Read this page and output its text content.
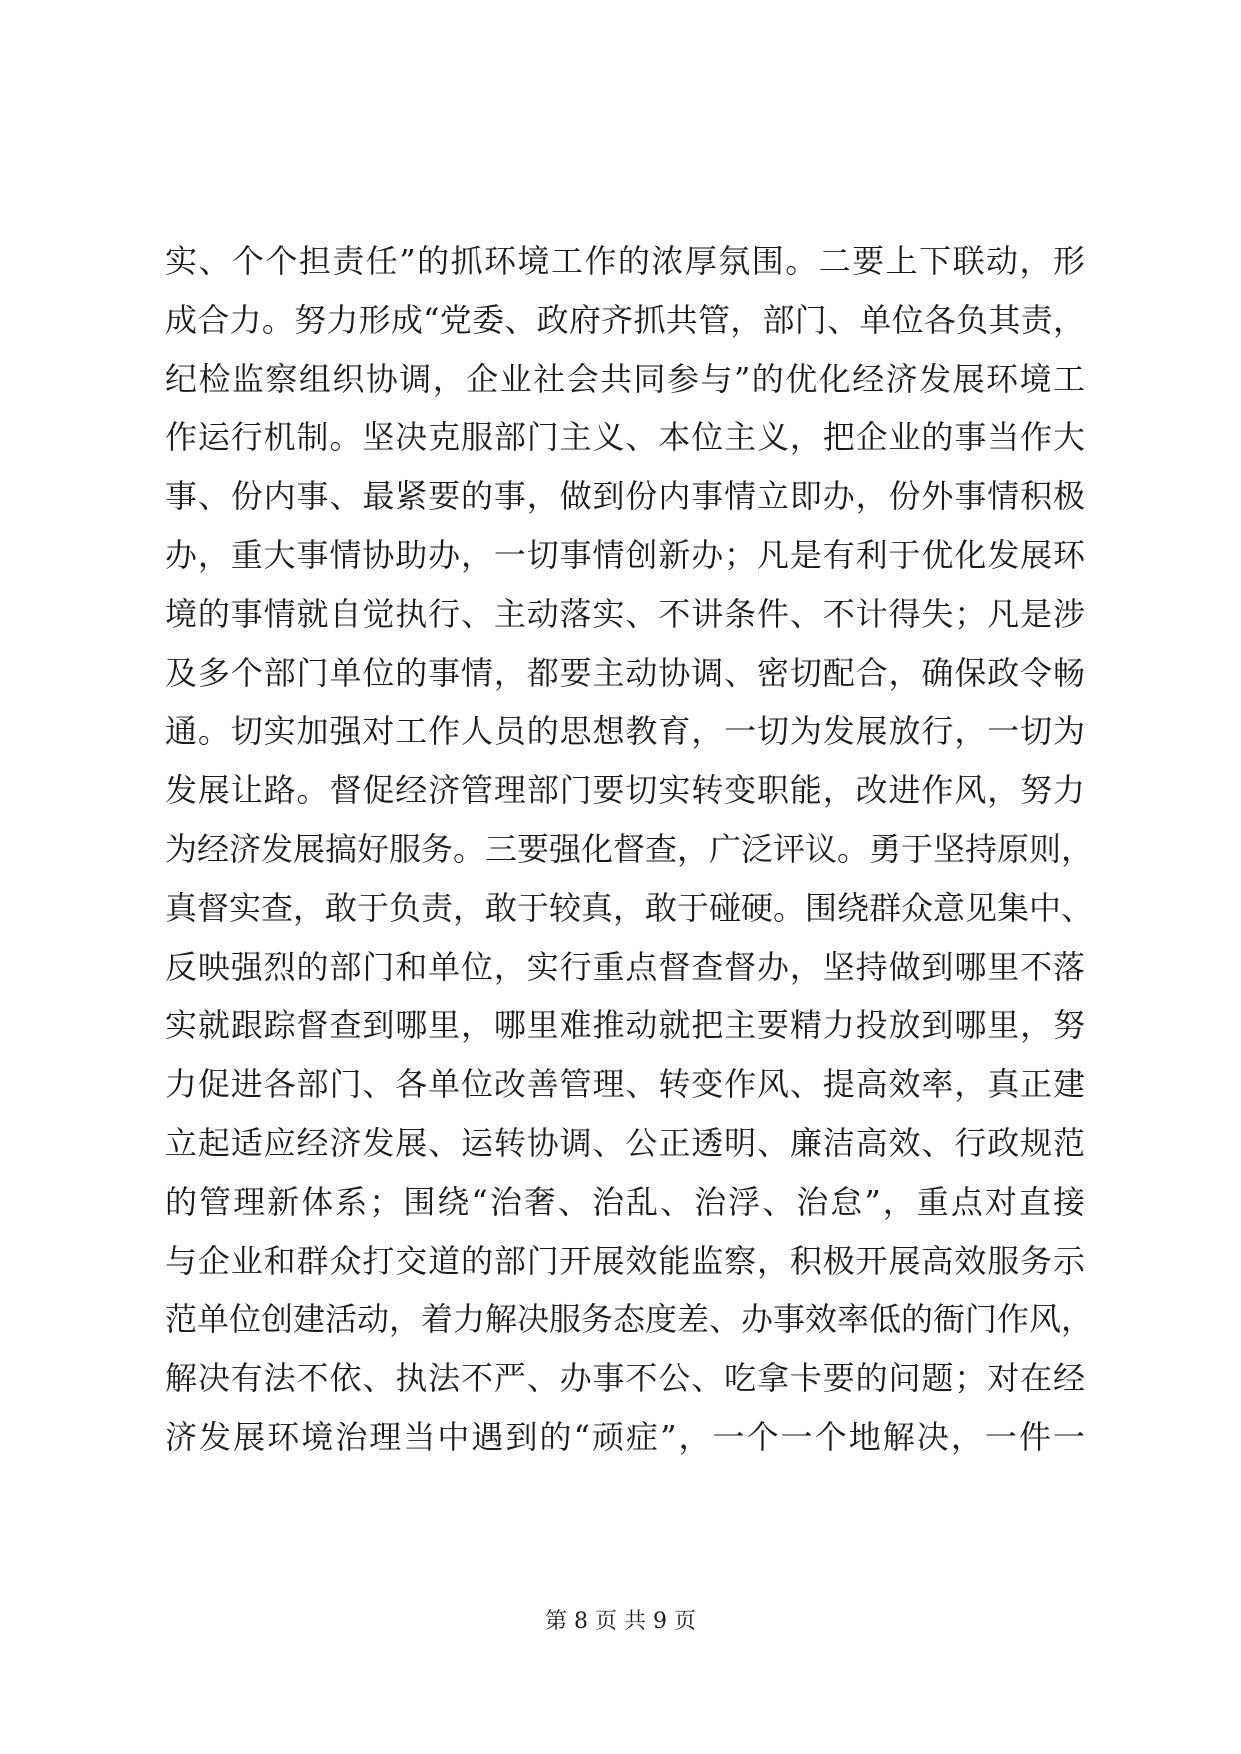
实、个个担责任”的抓环境工作的浓厚氛围。二要上下联动，形
成合力。努力形成“党委、政府齐抓共管，部门、单位各负其责，
纪检监察组织协调，企业社会共同参与”的优化经济发展环境工
作运行机制。坚决克服部门主义、本位主义，把企业的事当作大
事、份内事、最紧要的事，做到份内事情立即办，份外事情积极
办，重大事情协助办，一切事情创新办；凡是有利于优化发展环
境的事情就自觉执行、主动落实、不讲条件、不计得失；凡是涉
及多个部门单位的事情，都要主动协调、密切配合，确保政令畅
通。切实加强对工作人员的思想教育，一切为发展放行，一切为
发展让路。督促经济管理部门要切实转变职能，改进作风，努力
为经济发展搞好服务。三要强化督查，广泛评议。勇于坚持原则，
真督实查，敢于负责，敢于较真，敢于碰硬。围绕群众意见集中、
反映强烈的部门和单位，实行重点督查督办，坚持做到哪里不落
实就跟踪督查到哪里，哪里难推动就把主要精力投放到哪里，努
力促进各部门、各单位改善管理、转变作风、提高效率，真正建
立起适应经济发展、运转协调、公正透明、廉洁高效、行政规范
的管理新体系；围绕“治奢、治乱、治浮、治怠”，重点对直接
与企业和群众打交道的部门开展效能监察，积极开展高效服务示
范单位创建活动，着力解决服务态度差、办事效率低的衙门作风，
解决有法不依、执法不严、办事不公、吃拿卡要的问题；对在经
济发展环境治理当中遇到的“顽症”，一个一个地解决，一件一
第 8 页 共 9 页
